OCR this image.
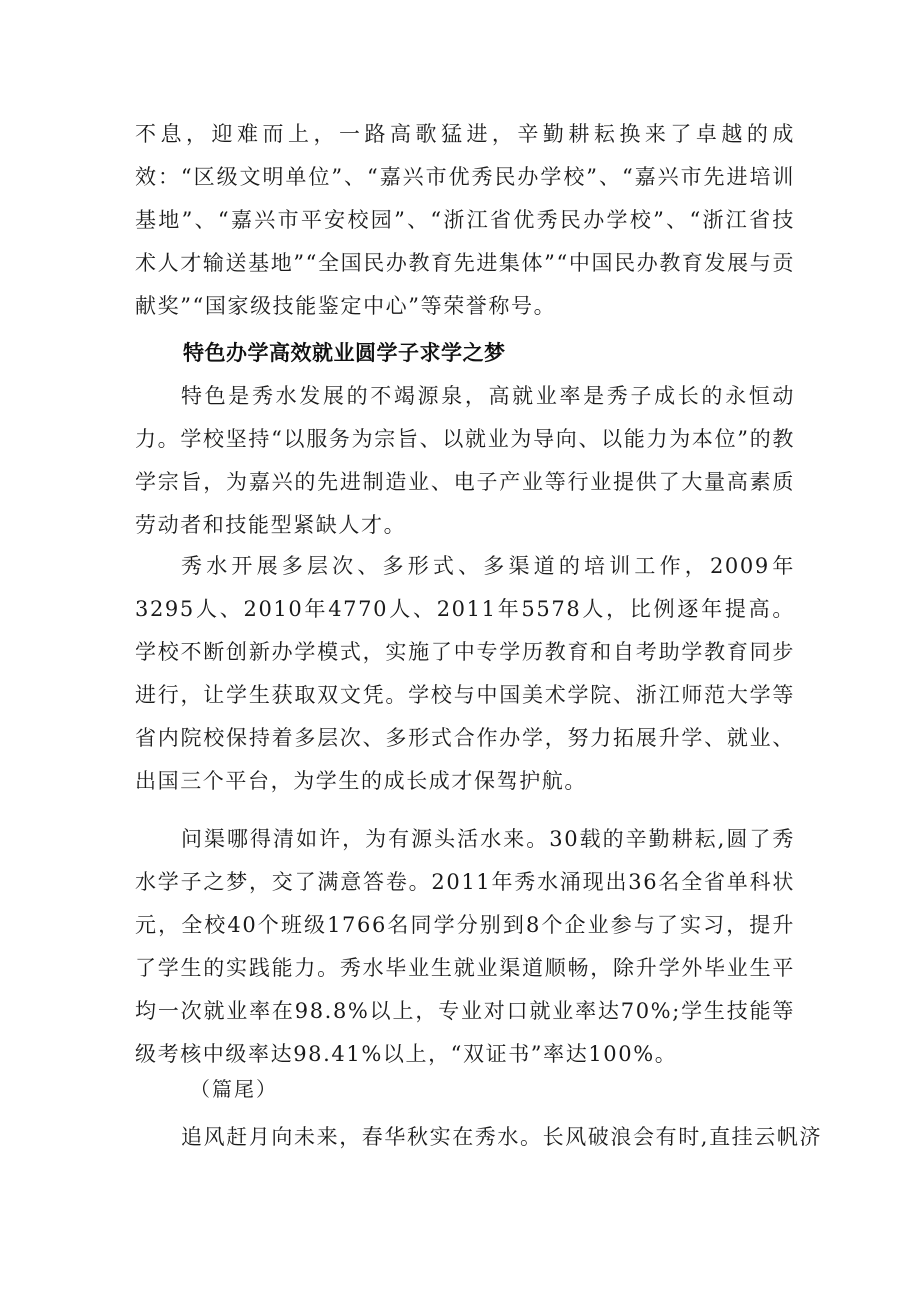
不息，迎难而上，一路高歌猛进，辛勤耕耘换来了卓越的成效：“区级文明单位”、“嘉兴市优秀民办学校”、“嘉兴市先进培训基地”、“嘉兴市平安校园”、“浙江省优秀民办学校”、“浙江省技术人才输送基地”“全国民办教育先进集体”“中国民办教育发展与贡献奖”“国家级技能鉴定中心”等荣誉称号。

特色办学高效就业圆学子求学之梦

特色是秀水发展的不竭源泉，高就业率是秀子成长的永恒动力。学校坚持“以服务为宗旨、以就业为导向、以能力为本位”的教学宗旨，为嘉兴的先进制造业、电子产业等行业提供了大量高素质劳动者和技能型紧缺人才。

秀水开展多层次、多形式、多渠道的培训工作，2009年3295人、2010年4770人、2011年5578人，比例逐年提高。学校不断创新办学模式，实施了中专学历教育和自考助学教育同步进行，让学生获取双文凭。学校与中国美术学院、浙江师范大学等省内院校保持着多层次、多形式合作办学，努力拓展升学、就业、出国三个平台，为学生的成长成才保驾护航。

问渠哪得清如许，为有源头活水来。30载的辛勤耕耘,圆了秀水学子之梦，交了满意答卷。2011年秀水涌现出36名全省单科状元，全校40个班级1766名同学分别到8个企业参与了实习，提升了学生的实践能力。秀水毕业生就业渠道顺畅，除升学外毕业生平均一次就业率在98.8%以上，专业对口就业率达70%;学生技能等级考核中级率达98.41%以上，“双证书”率达100%。

（篇尾）

追风赶月向未来，春华秋实在秀水。长风破浪会有时,直挂云帆济
